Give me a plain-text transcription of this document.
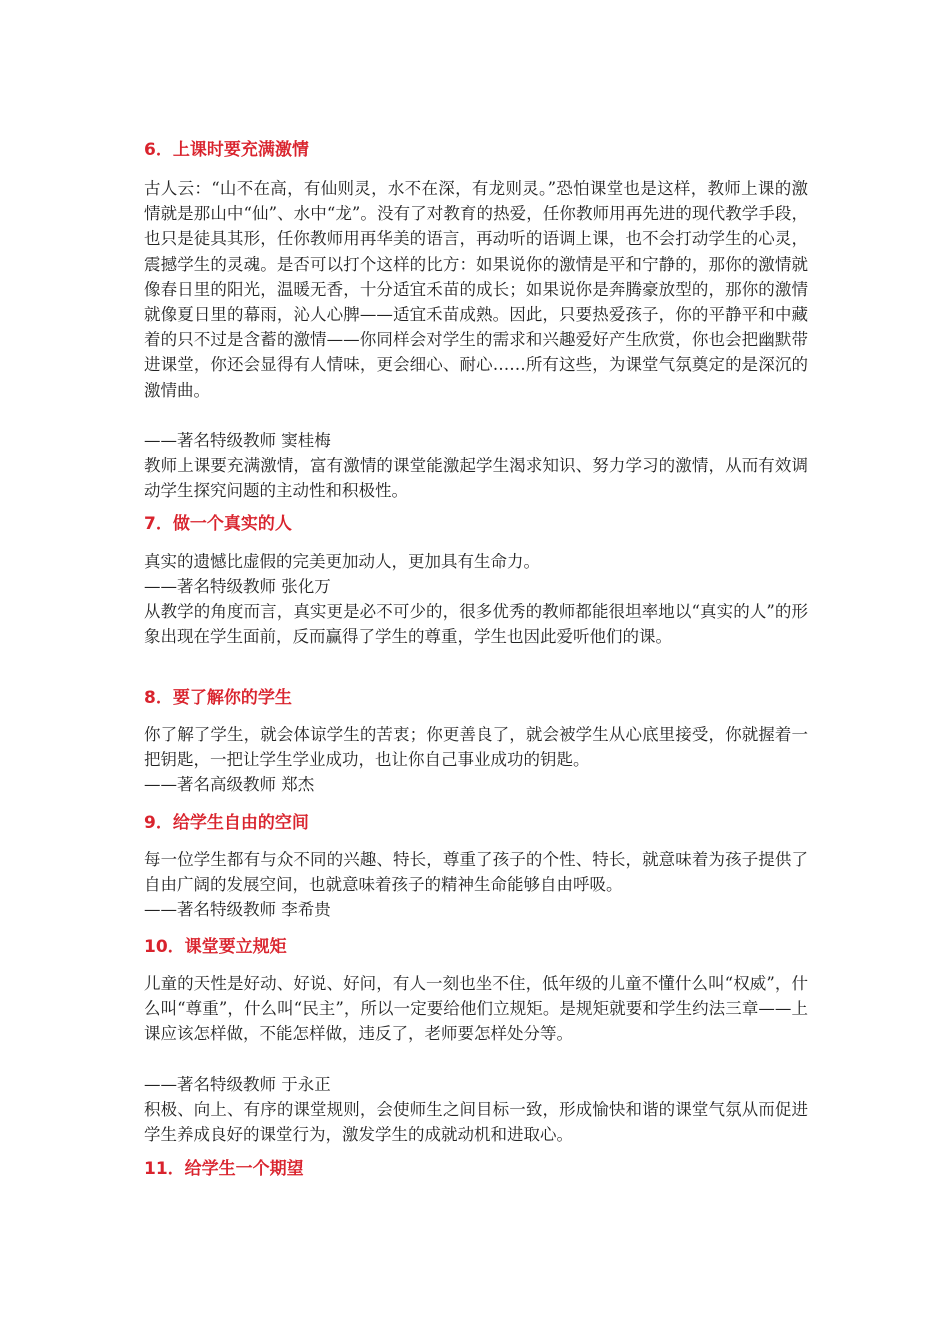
6．上课时要充满激情

古人云：“山不在高，有仙则灵，水不在深，有龙则灵。”恐怕课堂也是这样，教师上课的激情就是那山中“仙”、水中“龙”。没有了对教育的热爱，任你教师用再先进的现代教学手段，也只是徒具其形，任你教师用再华美的语言，再动听的语调上课，也不会打动学生的心灵，震撼学生的灵魂。是否可以打个这样的比方：如果说你的激情是平和宁静的，那你的激情就像春日里的阳光，温暖无香，十分适宜禾苗的成长；如果说你是奔腾豪放型的，那你的激情就像夏日里的幕雨，沁人心脾——适宜禾苗成熟。因此，只要热爱孩子，你的平静平和中藏着的只不过是含蓄的激情——你同样会对学生的需求和兴趣爱好产生欣赏，你也会把幽默带进课堂，你还会显得有人情味，更会细心、耐心……所有这些，为课堂气氛奠定的是深沉的激情曲。

——著名特级教师 窦桂梅

教师上课要充满激情，富有激情的课堂能激起学生渴求知识、努力学习的激情，从而有效调动学生探究问题的主动性和积极性。

7．做一个真实的人

真实的遗憾比虚假的完美更加动人，更加具有生命力。

——著名特级教师 张化万

从教学的角度而言，真实更是必不可少的，很多优秀的教师都能很坦率地以“真实的人”的形象出现在学生面前，反而赢得了学生的尊重，学生也因此爱听他们的课。

8．要了解你的学生

你了解了学生，就会体谅学生的苦衷；你更善良了，就会被学生从心底里接受，你就握着一把钥匙，一把让学生学业成功，也让你自己事业成功的钥匙。

——著名高级教师 郑杰

9．给学生自由的空间

每一位学生都有与众不同的兴趣、特长，尊重了孩子的个性、特长，就意味着为孩子提供了自由广阔的发展空间，也就意味着孩子的精神生命能够自由呼吸。

——著名特级教师 李希贵

10．课堂要立规矩

儿童的天性是好动、好说、好问，有人一刻也坐不住，低年级的儿童不懂什么叫“权威”，什么叫“尊重”，什么叫“民主”，所以一定要给他们立规矩。是规矩就要和学生约法三章——上课应该怎样做，不能怎样做，违反了，老师要怎样处分等。

——著名特级教师 于永正

积极、向上、有序的课堂规则，会使师生之间目标一致，形成愉快和谐的课堂气氛从而促进学生养成良好的课堂行为，激发学生的成就动机和进取心。

11．给学生一个期望
